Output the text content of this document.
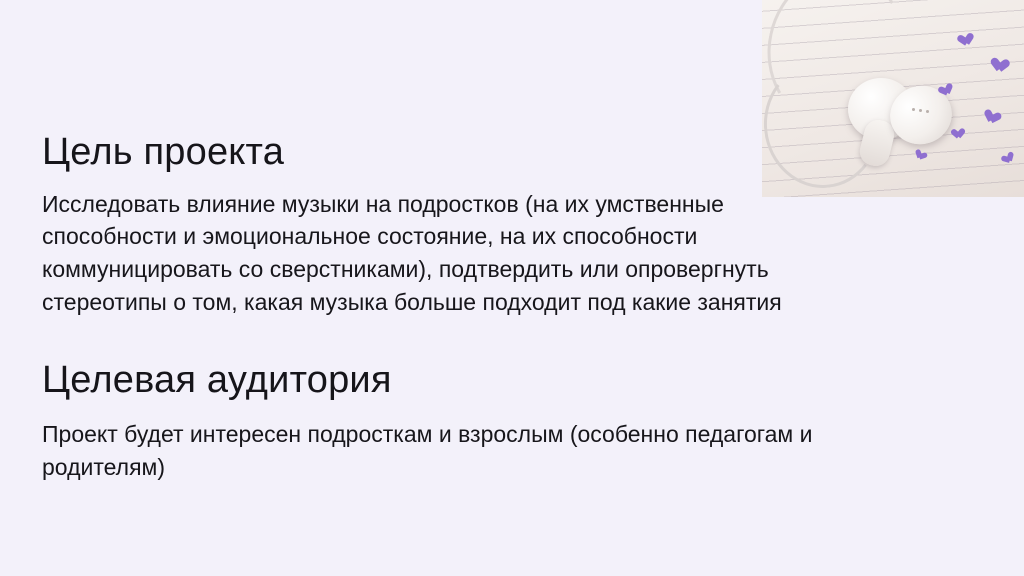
Цель проекта

Исследовать влияние музыки на подростков (на их умственные способности и эмоциональное состояние, на их способности коммуницировать со сверстниками), подтвердить или опровергнуть стереотипы о том, какая музыка больше подходит под какие занятия

Целевая аудитория

Проект будет интересен подросткам и взрослым (особенно педагогам и родителям)
